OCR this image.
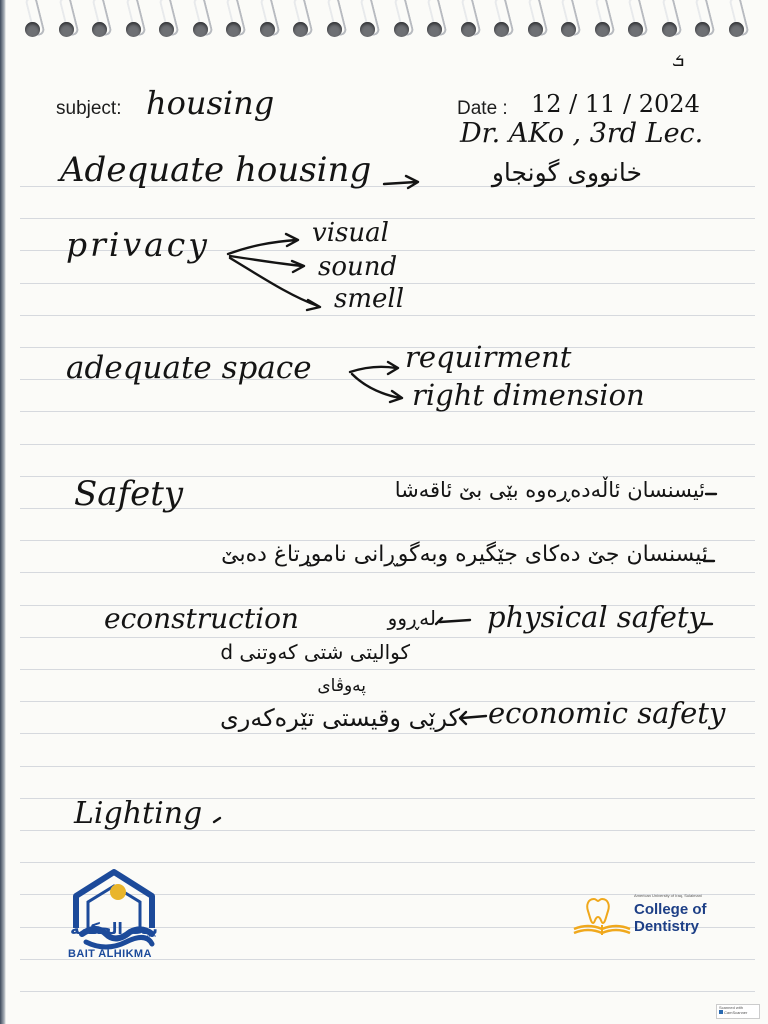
subject: housing	Date : 12 / 11 / 2024
Dr. AKo , 3rd Lec.
ܭ
Adequate housing	خانووی گونجاو
privacy	visual
sound
smell
adequate space	requirment
right dimension
Safety	ئیسنسان ئاڵەدەڕەوە بێی بێ ئاقەشا
ئیسنسان جێ دەکای جێگیرە وبەگوڕانی ناموړتاغ دەبێ
econstruction	لەڕوو physical safety
کوالیتی شتی کەوتنی d
پەوڤای
کرێی وقیستی تێرەکەری economic safety
Lighting
بيت الحكمة
BAIT ALHIKMA
American University of Iraq, Sulaimani
College of
Dentistry
Scanned with
CamScanner
